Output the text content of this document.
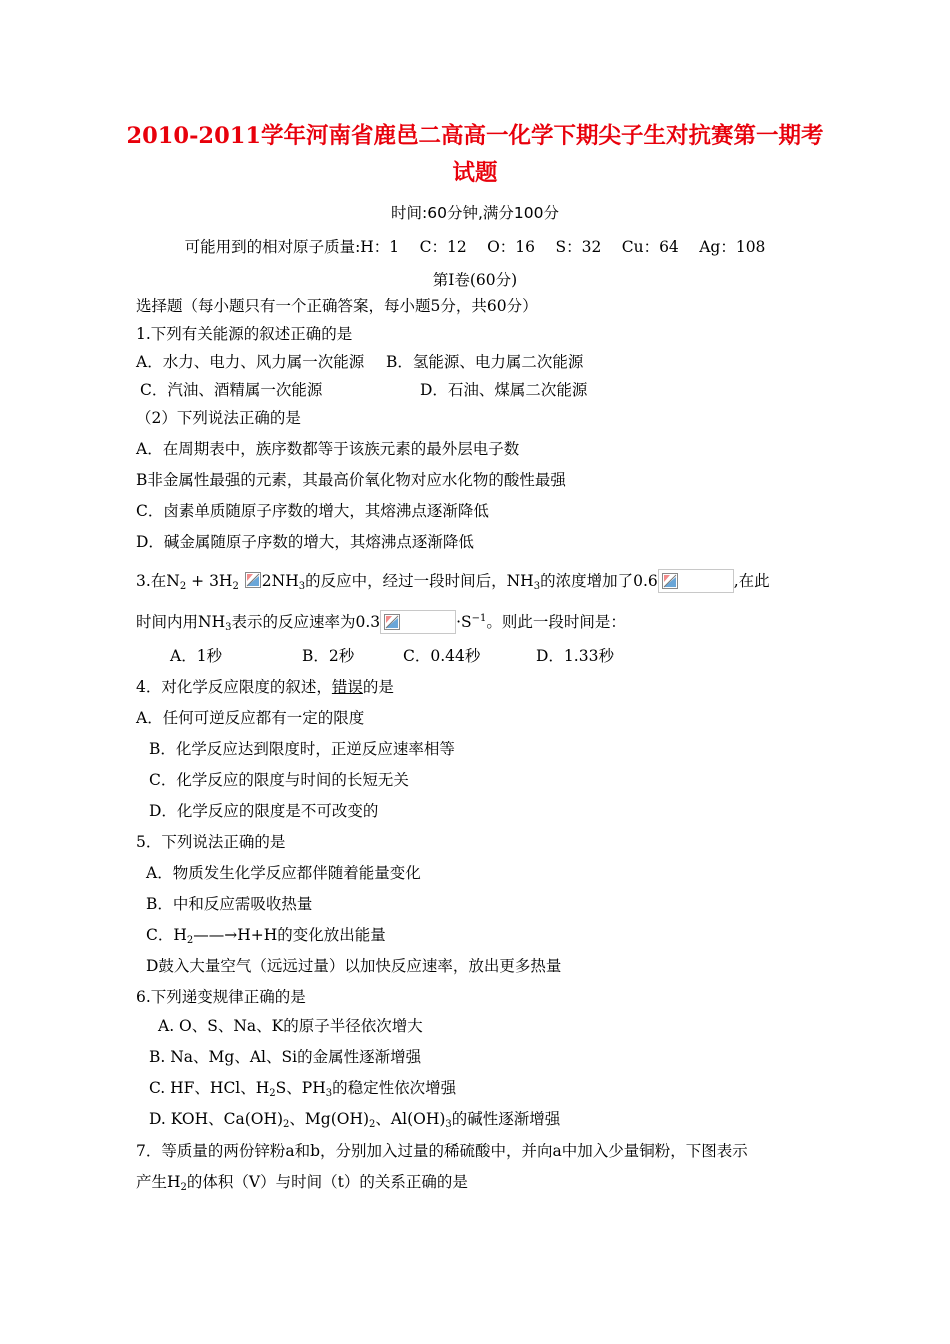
2010-2011学年河南省鹿邑二高高一化学下期尖子生对抗赛第一期考
试题
时间:60分钟,满分100分
可能用到的相对原子质量:H：1　 C：12　 O：16　 S：32　 Cu：64　 Ag：108
第Ⅰ卷(60分)
选择题（每小题只有一个正确答案，每小题5分，共60分）
1.下列有关能源的叙述正确的是
A．水力、电力、风力属一次能源 B．氢能源、电力属二次能源
C．汽油、酒精属一次能源	D．石油、煤属二次能源
（2）下列说法正确的是
A．在周期表中，族序数都等于该族元素的最外层电子数
B非金属性最强的元素，其最高价氧化物对应水化物的酸性最强
C．卤素单质随原子序数的增大，其熔沸点逐渐降低
D．碱金属随原子序数的增大，其熔沸点逐渐降低
3.在$N_2 + 3H_2$ $2NH_3$的反应中，经过一段时间后，$NH_3$的浓度增加了0.6	,在此
时间内用$NH_3$表示的反应速率为0.3	$\cdot S^{-1}$。则此一段时间是：
A．1秒	B．2秒	C．0.44秒	D．1.33秒
4．对化学反应限度的叙述，错误的是
A．任何可逆反应都有一定的限度
B．化学反应达到限度时，正逆反应速率相等
C．化学反应的限度与时间的长短无关
D．化学反应的限度是不可改变的
5．下列说法正确的是
A．物质发生化学反应都伴随着能量变化
B．中和反应需吸收热量
C．$H_2——\to H+H$的变化放出能量
D鼓入大量空气（远远过量）以加快反应速率，放出更多热量
6.下列递变规律正确的是
A. O、S、Na、K的原子半径依次增大
B. Na、Mg、Al、Si的金属性逐渐增强
C. HF、HCl、$H_2S$、$PH_3$的稳定性依次增强
D. KOH、$Ca(OH)_2$、$Mg(OH)_2$、$Al(OH)_3$的碱性逐渐增强
7．等质量的两份锌粉a和b，分别加入过量的稀硫酸中，并向a中加入少量铜粉，下图表示
产生$H_2$的体积（V）与时间（t）的关系正确的是
